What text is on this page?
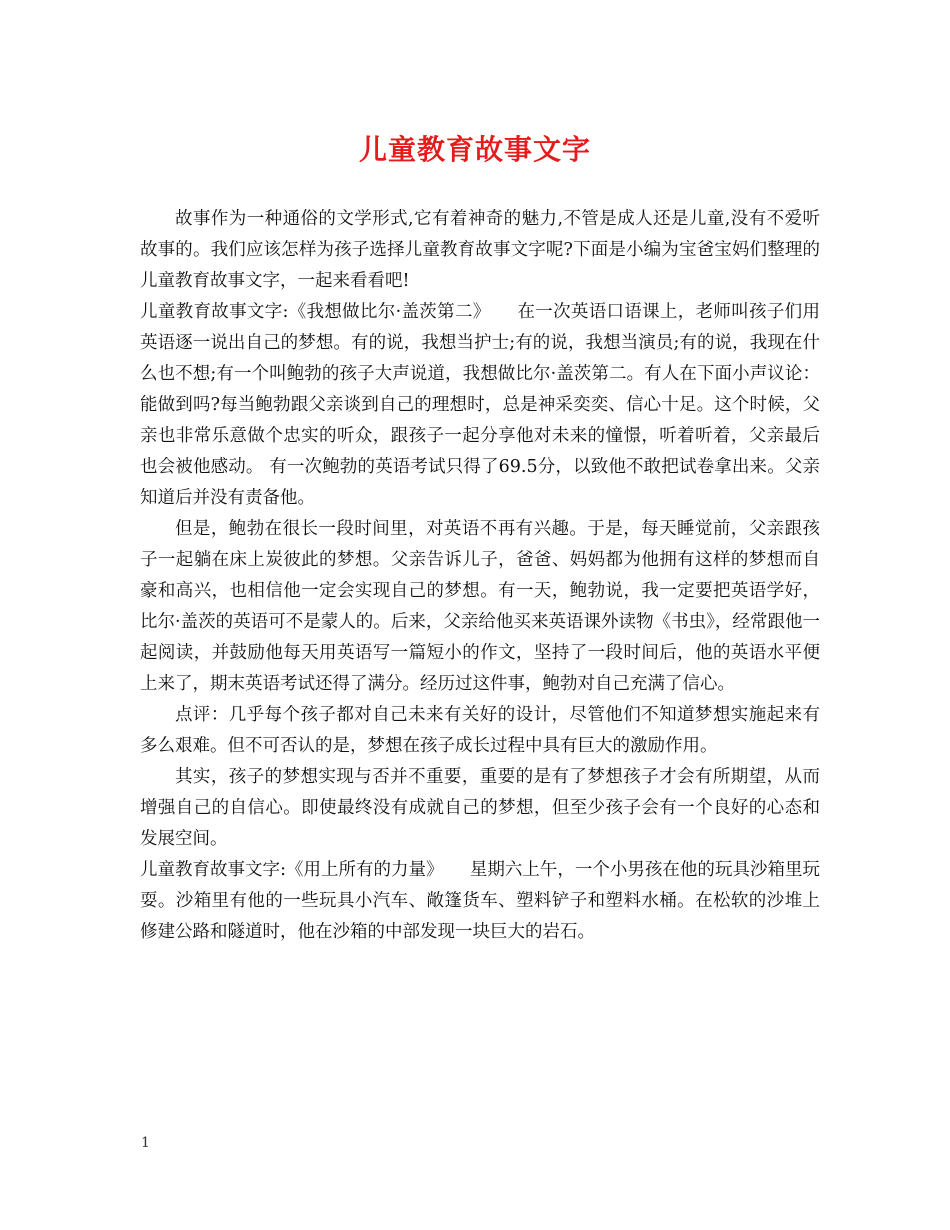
儿童教育故事文字

故事作为一种通俗的文学形式,它有着神奇的魅力,不管是成人还是儿童,没有不爱听故事的。我们应该怎样为孩子选择儿童教育故事文字呢?下面是小编为宝爸宝妈们整理的儿童教育故事文字，一起来看看吧!

儿童教育故事文字:《我想做比尔·盖茨第二》　　在一次英语口语课上，老师叫孩子们用英语逐一说出自己的梦想。有的说，我想当护士;有的说，我想当演员;有的说，我现在什么也不想;有一个叫鲍勃的孩子大声说道，我想做比尔·盖茨第二。有人在下面小声议论：能做到吗?每当鲍勃跟父亲谈到自己的理想时，总是神采奕奕、信心十足。这个时候，父亲也非常乐意做个忠实的听众，跟孩子一起分享他对未来的憧憬，听着听着，父亲最后也会被他感动。 有一次鲍勃的英语考试只得了69.5分，以致他不敢把试卷拿出来。父亲知道后并没有责备他。

但是，鲍勃在很长一段时间里，对英语不再有兴趣。于是，每天睡觉前，父亲跟孩子一起躺在床上炭彼此的梦想。父亲告诉儿子，爸爸、妈妈都为他拥有这样的梦想而自豪和高兴，也相信他一定会实现自己的梦想。有一天，鲍勃说，我一定要把英语学好，比尔·盖茨的英语可不是蒙人的。后来，父亲给他买来英语课外读物《书虫》，经常跟他一起阅读，并鼓励他每天用英语写一篇短小的作文，坚持了一段时间后，他的英语水平便上来了，期末英语考试还得了满分。经历过这件事，鲍勃对自己充满了信心。

点评：几乎每个孩子都对自己未来有关好的设计，尽管他们不知道梦想实施起来有多么艰难。但不可否认的是，梦想在孩子成长过程中具有巨大的激励作用。

其实，孩子的梦想实现与否并不重要，重要的是有了梦想孩子才会有所期望，从而增强自己的自信心。即使最终没有成就自己的梦想，但至少孩子会有一个良好的心态和发展空间。

儿童教育故事文字:《用上所有的力量》　　星期六上午，一个小男孩在他的玩具沙箱里玩耍。沙箱里有他的一些玩具小汽车、敞篷货车、塑料铲子和塑料水桶。在松软的沙堆上修建公路和隧道时，他在沙箱的中部发现一块巨大的岩石。

1
